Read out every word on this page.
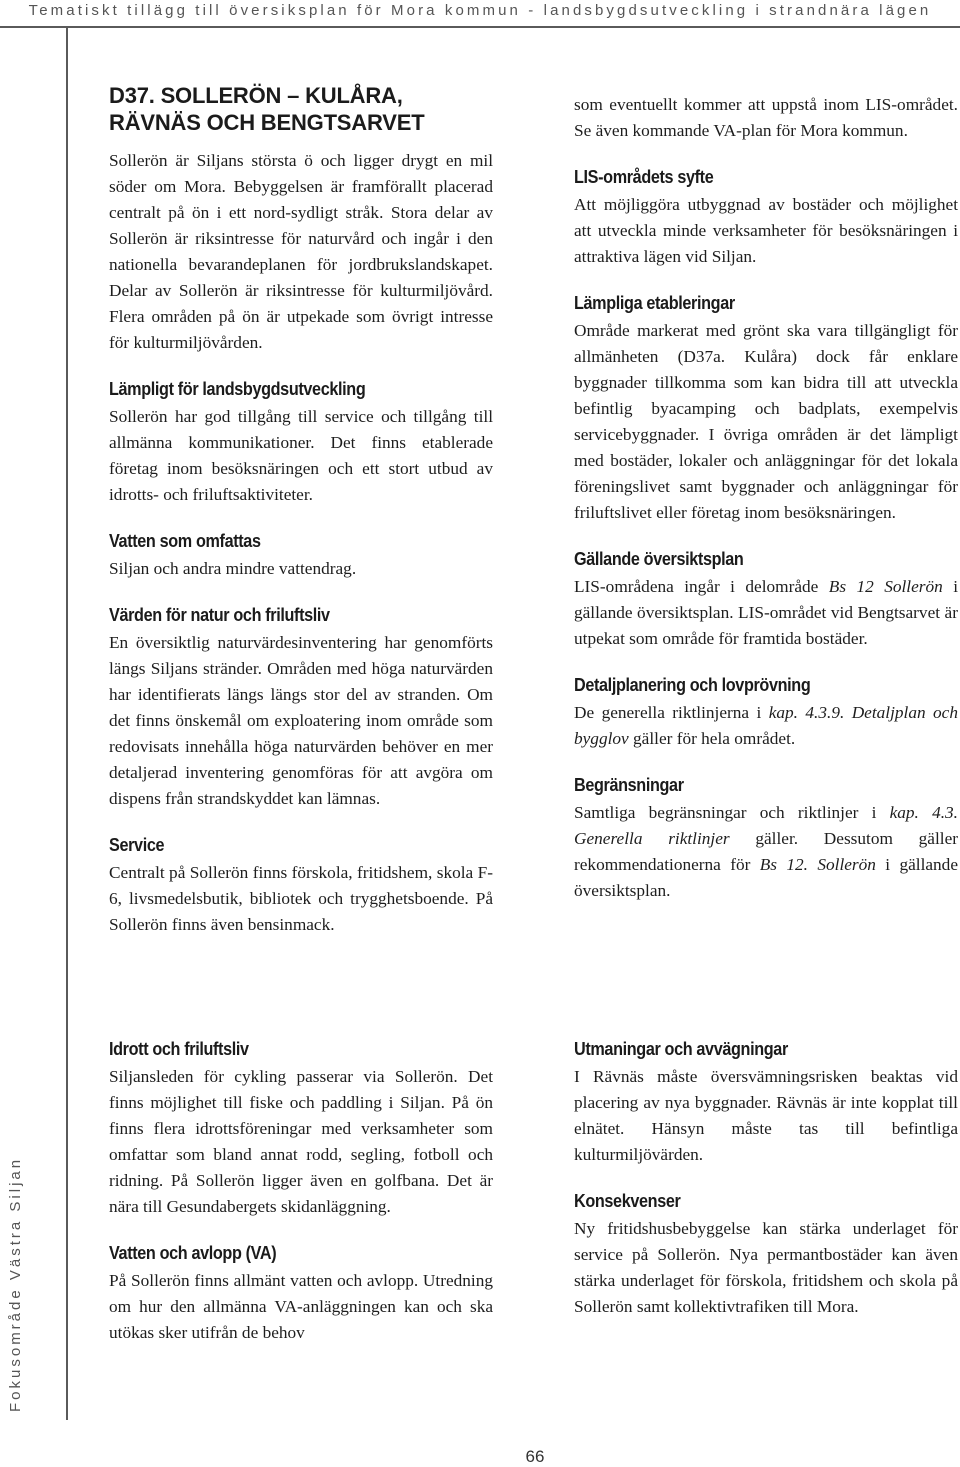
Tematiskt tillägg till översiksplan för Mora kommun - landsbygdsutveckling i strandnära lägen
Fokusområde Västra Siljan
D37. SOLLERÖN – KULÅRA, RÄVNÄS OCH BENGTSARVET

Sollerön är Siljans största ö och ligger drygt en mil söder om Mora. Bebyggelsen är framförallt placerad centralt på ön i ett nord-sydligt stråk. Stora delar av Sollerön är riksintresse för naturvård och ingår i den nationella bevarandeplanen för jordbrukslandskapet. Delar av Sollerön är riksintresse för kulturmiljövård. Flera områden på ön är utpekade som övrigt intresse för kulturmiljövården.

Lämpligt för landsbygdsutveckling

Sollerön har god tillgång till service och tillgång till allmänna kommunikationer. Det finns etablerade företag inom besöksnäringen och ett stort utbud av idrotts- och friluftsaktiviteter.

Vatten som omfattas

Siljan och andra mindre vattendrag.

Värden för natur och friluftsliv

En översiktlig naturvärdesinventering har genomförts längs Siljans stränder. Områden med höga naturvärden har identifierats längs längs stor del av stranden. Om det finns önskemål om exploatering inom område som redovisats innehålla höga naturvärden behöver en mer detaljerad inventering genomföras för att avgöra om dispens från strandskyddet kan lämnas.

Service

Centralt på Sollerön finns förskola, fritidshem, skola F-6, livsmedelsbutik, bibliotek och trygghetsboende. På Sollerön finns även bensinmack.

som eventuellt kommer att uppstå inom LIS-området. Se även kommande VA-plan för Mora kommun.

LIS-områdets syfte

Att möjliggöra utbyggnad av bostäder och möjlighet att utveckla minde verksamheter för besöksnäringen i attraktiva lägen vid Siljan.

Lämpliga etableringar

Område markerat med grönt ska vara tillgängligt för allmänheten (D37a. Kulåra) dock får enklare byggnader tillkomma som kan bidra till att utveckla befintlig byacamping och badplats, exempelvis servicebyggnader. I övriga områden är det lämpligt med bostäder, lokaler och anläggningar för det lokala föreningslivet samt byggnader och anläggningar för friluftslivet eller företag inom besöksnäringen.

Gällande översiktsplan

LIS-områdena ingår i delområde Bs 12 Sollerön i gällande översiktsplan. LIS-området vid Bengtsarvet är utpekat som område för framtida bostäder.

Detaljplanering och lovprövning

De generella riktlinjerna i kap. 4.3.9. Detaljplan och bygglov gäller för hela området.

Begränsningar

Samtliga begränsningar och riktlinjer i kap. 4.3. Generella riktlinjer gäller. Dessutom gäller rekommendationerna för Bs 12. Sollerön i gällande översiktsplan.

Idrott och friluftsliv

Siljansleden för cykling passerar via Sollerön. Det finns möjlighet till fiske och paddling i Siljan. På ön finns flera idrottsföreningar med verksamheter som omfattar som bland annat rodd, segling, fotboll och ridning. På Sollerön ligger även en golfbana. Det är nära till Gesundabergets skidanläggning.

Vatten och avlopp (VA)

På Sollerön finns allmänt vatten och avlopp. Utredning om hur den allmänna VA-anläggningen kan och ska utökas sker utifrån de behov

Utmaningar och avvägningar

I Rävnäs måste översvämningsrisken beaktas vid placering av nya byggnader. Rävnäs är inte kopplat till elnätet. Hänsyn måste tas till befintliga kulturmiljövärden.

Konsekvenser

Ny fritidshusbebyggelse kan stärka underlaget för service på Sollerön. Nya permantbostäder kan även stärka underlaget för förskola, fritidshem och skola på Sollerön samt kollektivtrafiken till Mora.

66
